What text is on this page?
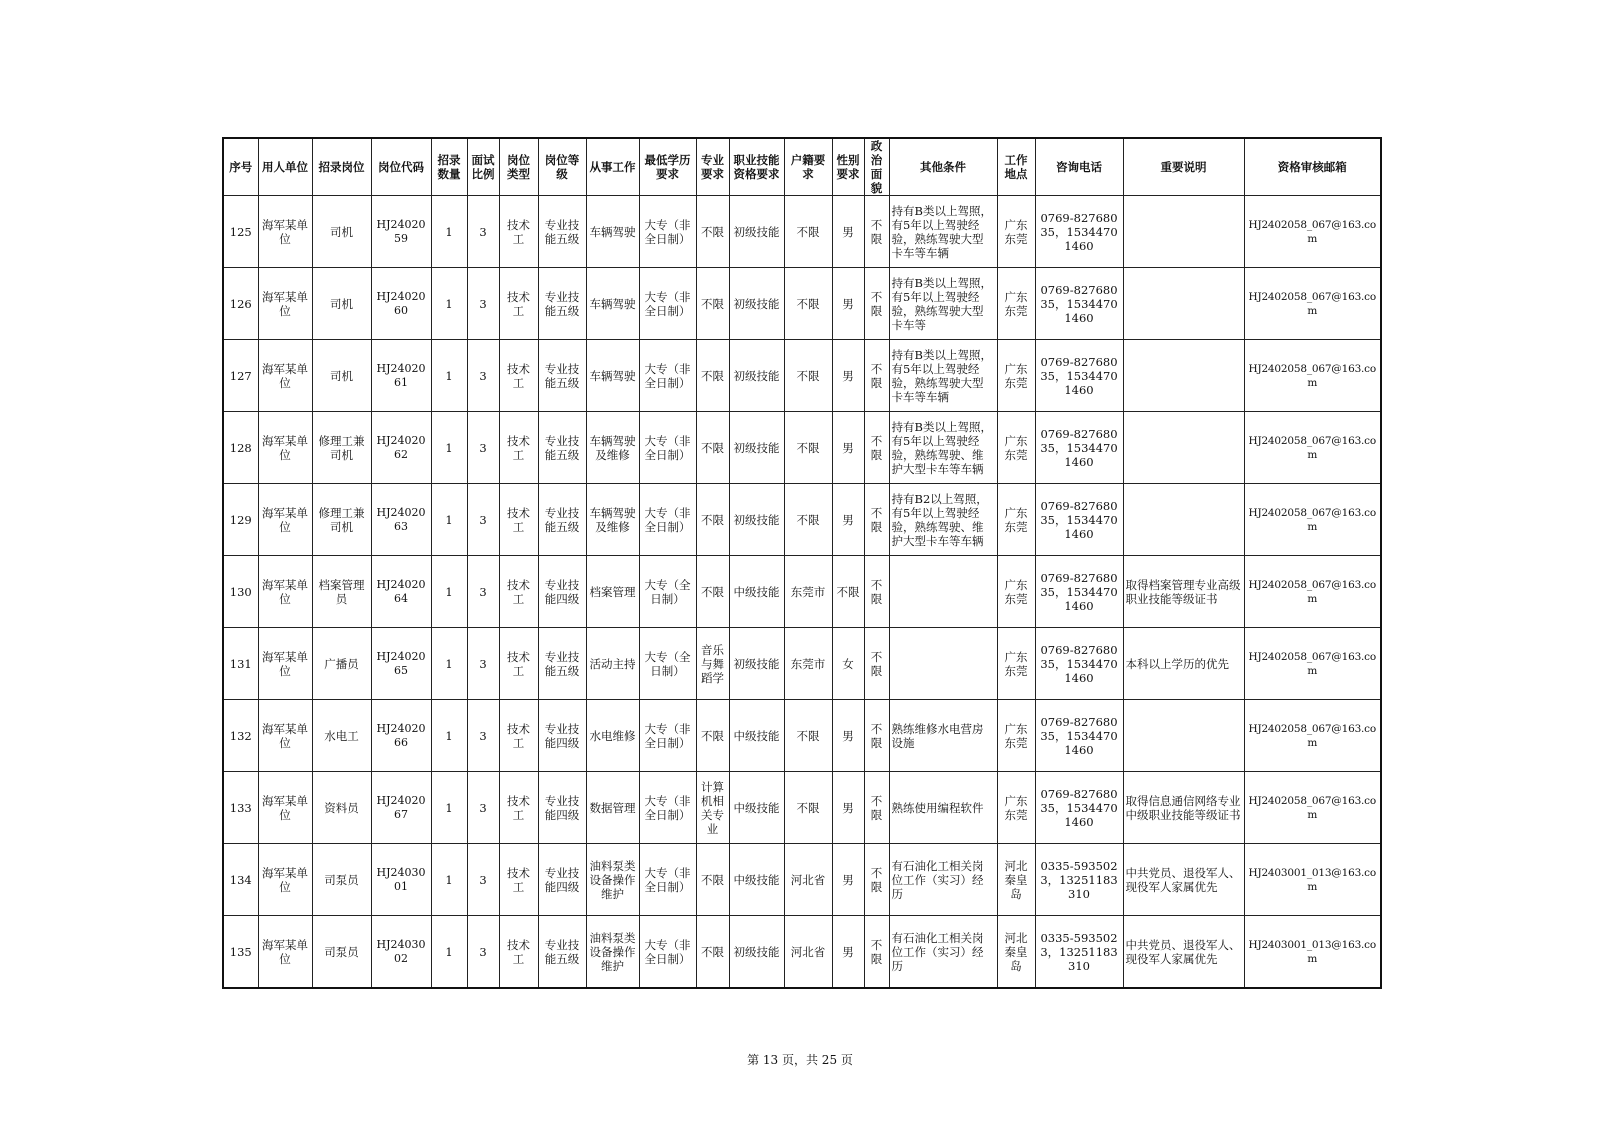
序号	用人单位	招录岗位	岗位代码	招录数量	面试比例	岗位类型	岗位等级	从事工作	最低学历要求	专业要求	职业技能资格要求	户籍要求	性别要求	政治面貌	其他条件	工作地点	咨询电话	重要说明	资格审核邮箱
125	海军某单位	司机	HJ2402059	1	3	技术工	专业技能五级	车辆驾驶	大专（非全日制）	不限	初级技能	不限	男	不限	持有B类以上驾照，有5年以上驾驶经验，熟练驾驶大型卡车等车辆	广东东莞	0769-82768035，15344701460		HJ2402058_067@163.com
126	海军某单位	司机	HJ2402060	1	3	技术工	专业技能五级	车辆驾驶	大专（非全日制）	不限	初级技能	不限	男	不限	持有B类以上驾照，有5年以上驾驶经验，熟练驾驶大型卡车等	广东东莞	0769-82768035，15344701460		HJ2402058_067@163.com
127	海军某单位	司机	HJ2402061	1	3	技术工	专业技能五级	车辆驾驶	大专（非全日制）	不限	初级技能	不限	男	不限	持有B类以上驾照，有5年以上驾驶经验，熟练驾驶大型卡车等车辆	广东东莞	0769-82768035，15344701460		HJ2402058_067@163.com
128	海军某单位	修理工兼司机	HJ2402062	1	3	技术工	专业技能五级	车辆驾驶及维修	大专（非全日制）	不限	初级技能	不限	男	不限	持有B类以上驾照，有5年以上驾驶经验，熟练驾驶、维护大型卡车等车辆	广东东莞	0769-82768035，15344701460		HJ2402058_067@163.com
129	海军某单位	修理工兼司机	HJ2402063	1	3	技术工	专业技能五级	车辆驾驶及维修	大专（非全日制）	不限	初级技能	不限	男	不限	持有B2以上驾照，有5年以上驾驶经验，熟练驾驶、维护大型卡车等车辆	广东东莞	0769-82768035，15344701460		HJ2402058_067@163.com
130	海军某单位	档案管理员	HJ2402064	1	3	技术工	专业技能四级	档案管理	大专（全日制）	不限	中级技能	东莞市	不限	不限		广东东莞	0769-82768035，15344701460	取得档案管理专业高级职业技能等级证书	HJ2402058_067@163.com
131	海军某单位	广播员	HJ2402065	1	3	技术工	专业技能五级	活动主持	大专（全日制）	音乐与舞蹈学	初级技能	东莞市	女	不限		广东东莞	0769-82768035，15344701460	本科以上学历的优先	HJ2402058_067@163.com
132	海军某单位	水电工	HJ2402066	1	3	技术工	专业技能四级	水电维修	大专（非全日制）	不限	中级技能	不限	男	不限	熟练维修水电营房设施	广东东莞	0769-82768035，15344701460		HJ2402058_067@163.com
133	海军某单位	资料员	HJ2402067	1	3	技术工	专业技能四级	数据管理	大专（非全日制）	计算机相关专业	中级技能	不限	男	不限	熟练使用编程软件	广东东莞	0769-82768035，15344701460	取得信息通信网络专业中级职业技能等级证书	HJ2402058_067@163.com
134	海军某单位	司泵员	HJ2403001	1	3	技术工	专业技能四级	油料泵类设备操作维护	大专（非全日制）	不限	中级技能	河北省	男	不限	有石油化工相关岗位工作（实习）经历	河北秦皇岛	0335-5935023，13251183310	中共党员、退役军人、现役军人家属优先	HJ2403001_013@163.com
135	海军某单位	司泵员	HJ2403002	1	3	技术工	专业技能五级	油料泵类设备操作维护	大专（非全日制）	不限	初级技能	河北省	男	不限	有石油化工相关岗位工作（实习）经历	河北秦皇岛	0335-5935023，13251183310	中共党员、退役军人、现役军人家属优先	HJ2403001_013@163.com
第 13 页，共 25 页
